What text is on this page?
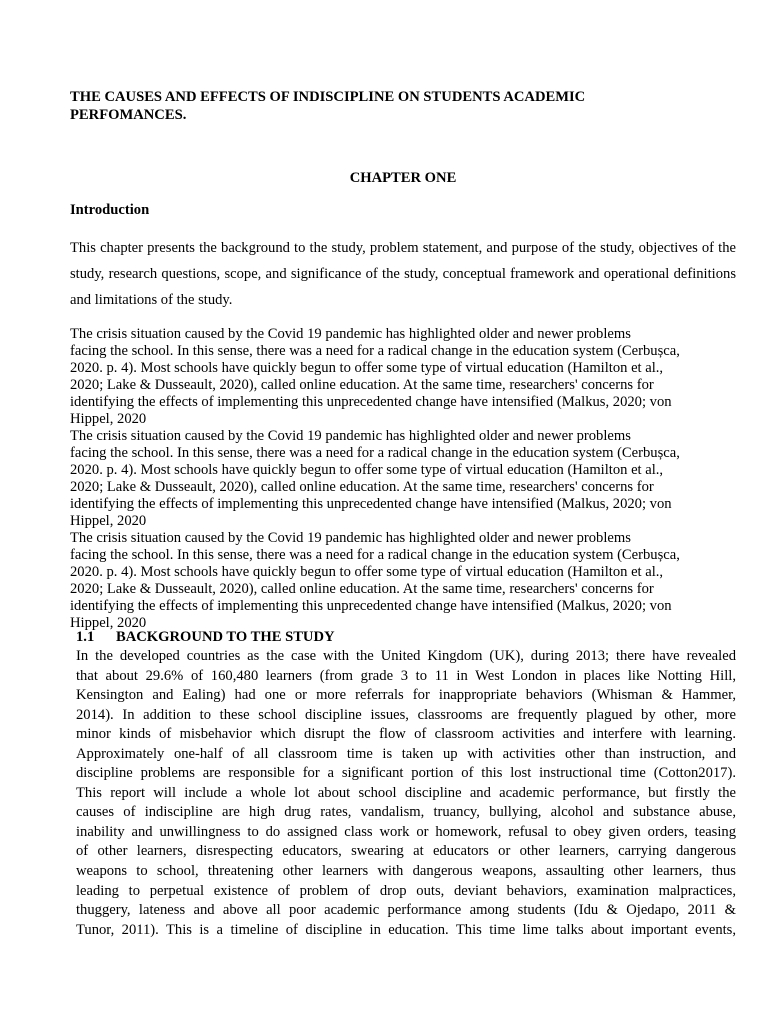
THE CAUSES AND EFFECTS OF INDISCIPLINE ON STUDENTS ACADEMIC PERFOMANCES.
CHAPTER ONE
Introduction
This chapter presents the background to the study, problem statement, and purpose of the study, objectives of the study, research questions, scope, and significance of the study, conceptual framework and operational definitions and limitations of the study.
The crisis situation caused by the Covid 19 pandemic has highlighted older and newer problems
facing the school. In this sense, there was a need for a radical change in the education system (Cerbușca,
2020. p. 4). Most schools have quickly begun to offer some type of virtual education (Hamilton et al.,
2020; Lake & Dusseault, 2020), called online education. At the same time, researchers' concerns for
identifying the effects of implementing this unprecedented change have intensified (Malkus, 2020; von
Hippel, 2020
The crisis situation caused by the Covid 19 pandemic has highlighted older and newer problems
facing the school. In this sense, there was a need for a radical change in the education system (Cerbușca,
2020. p. 4). Most schools have quickly begun to offer some type of virtual education (Hamilton et al.,
2020; Lake & Dusseault, 2020), called online education. At the same time, researchers' concerns for
identifying the effects of implementing this unprecedented change have intensified (Malkus, 2020; von
Hippel, 2020
The crisis situation caused by the Covid 19 pandemic has highlighted older and newer problems
facing the school. In this sense, there was a need for a radical change in the education system (Cerbușca,
2020. p. 4). Most schools have quickly begun to offer some type of virtual education (Hamilton et al.,
2020; Lake & Dusseault, 2020), called online education. At the same time, researchers' concerns for
identifying the effects of implementing this unprecedented change have intensified (Malkus, 2020; von
Hippel, 2020
1.1 BACKGROUND TO THE STUDY
In the developed countries as the case with the United Kingdom (UK), during 2013; there have revealed
that about 29.6% of 160,480 learners (from grade 3 to 11 in West London in places like Notting Hill,
Kensington and Ealing) had one or more referrals for inappropriate behaviors (Whisman & Hammer,
2014). In addition to these school discipline issues, classrooms are frequently plagued by other, more
minor kinds of misbehavior which disrupt the flow of classroom activities and interfere with learning.
Approximately one-half of all classroom time is taken up with activities other than instruction, and
discipline problems are responsible for a significant portion of this lost instructional time (Cotton2017).
This report will include a whole lot about school discipline and academic performance, but firstly the
causes of indiscipline are high drug rates, vandalism, truancy, bullying, alcohol and substance abuse,
inability and unwillingness to do assigned class work or homework, refusal to obey given orders, teasing
of other learners, disrespecting educators, swearing at educators or other learners, carrying dangerous
weapons to school, threatening other learners with dangerous weapons, assaulting other learners, thus
leading to perpetual existence of problem of drop outs, deviant behaviors, examination malpractices,
thuggery, lateness and above all poor academic performance among students (Idu & Ojedapo, 2011 &
Tunor, 2011). This is a timeline of discipline in education. This time lime talks about important events,
